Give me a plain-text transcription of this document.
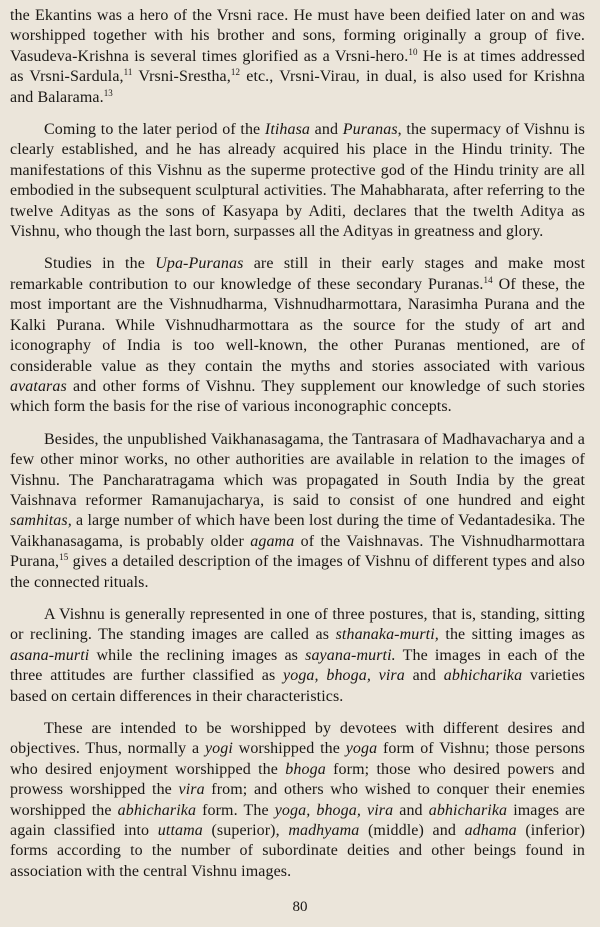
the Ekantins was a hero of the Vrsni race. He must have been deified later on and was worshipped together with his brother and sons, forming originally a group of five. Vasudeva-Krishna is several times glorified as a Vrsni-hero.$^{10}$ He is at times addressed as Vrsni-Sardula,$^{11}$ Vrsni-Srestha,$^{12}$ etc., Vrsni-Virau, in dual, is also used for Krishna and Balarama.$^{13}$

Coming to the later period of the Itihasa and Puranas, the supermacy of Vishnu is clearly established, and he has already acquired his place in the Hindu trinity. The manifestations of this Vishnu as the superme protective god of the Hindu trinity are all embodied in the subsequent sculptural activities. The Mahabharata, after referring to the twelve Adityas as the sons of Kasyapa by Aditi, declares that the twelth Aditya as Vishnu, who though the last born, surpasses all the Adityas in greatness and glory.

Studies in the Upa-Puranas are still in their early stages and make most remarkable contribution to our knowledge of these secondary Puranas.$^{14}$ Of these, the most important are the Vishnudharma, Vishnudharmottara, Narasimha Purana and the Kalki Purana. While Vishnudharmottara as the source for the study of art and iconography of India is too well-known, the other Puranas mentioned, are of considerable value as they contain the myths and stories associated with various avataras and other forms of Vishnu. They supplement our knowledge of such stories which form the basis for the rise of various inconographic concepts.

Besides, the unpublished Vaikhanasagama, the Tantrasara of Madhavacharya and a few other minor works, no other authorities are available in relation to the images of Vishnu. The Pancharatragama which was propagated in South India by the great Vaishnava reformer Ramanujacharya, is said to consist of one hundred and eight samhitas, a large number of which have been lost during the time of Vedantadesika. The Vaikhanasagama, is probably older agama of the Vaishnavas. The Vishnudharmottara Purana,$^{15}$ gives a detailed description of the images of Vishnu of different types and also the connected rituals.

A Vishnu is generally represented in one of three postures, that is, standing, sitting or reclining. The standing images are called as sthanaka-murti, the sitting images as asana-murti while the reclining images as sayana-murti. The images in each of the three attitudes are further classified as yoga, bhoga, vira and abhicharika varieties based on certain differences in their characteristics.

These are intended to be worshipped by devotees with different desires and objectives. Thus, normally a yogi worshipped the yoga form of Vishnu; those persons who desired enjoyment worshipped the bhoga form; those who desired powers and prowess worshipped the vira from; and others who wished to conquer their enemies worshipped the abhicharika form. The yoga, bhoga, vira and abhicharika images are again classified into uttama (superior), madhyama (middle) and adhama (inferior) forms according to the number of subordinate deities and other beings found in association with the central Vishnu images.

80
